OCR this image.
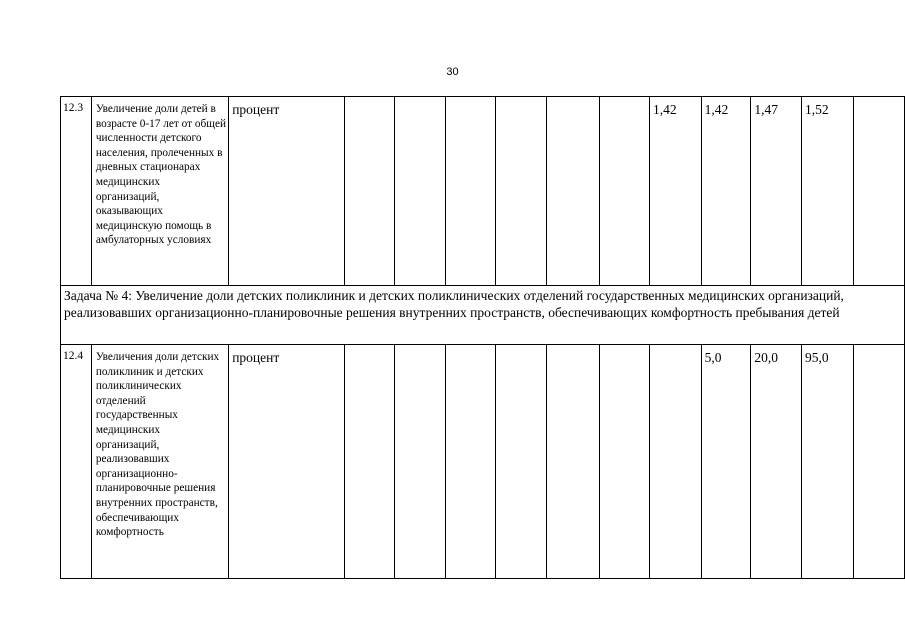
30
12.3	Увеличение доли детей в возрасте 0-17 лет от общей численности детского населения, пролеченных в дневных стационарах медицинских организаций, оказывающих медицинскую помощь в амбулаторных условиях	процент							1,42	1,42	1,47	1,52	
Задача № 4: Увеличение доли детских поликлиник и детских поликлинических отделений государственных медицинских организаций, реализовавших организационно-планировочные решения внутренних пространств, обеспечивающих комфортность пребывания детей													
12.4	Увеличения доли детских поликлиник и детских поликлинических отделений государственных медицинских организаций, реализовавших организационно-планировочные решения внутренних пространств, обеспечивающих комфортность	процент								5,0	20,0	95,0	
